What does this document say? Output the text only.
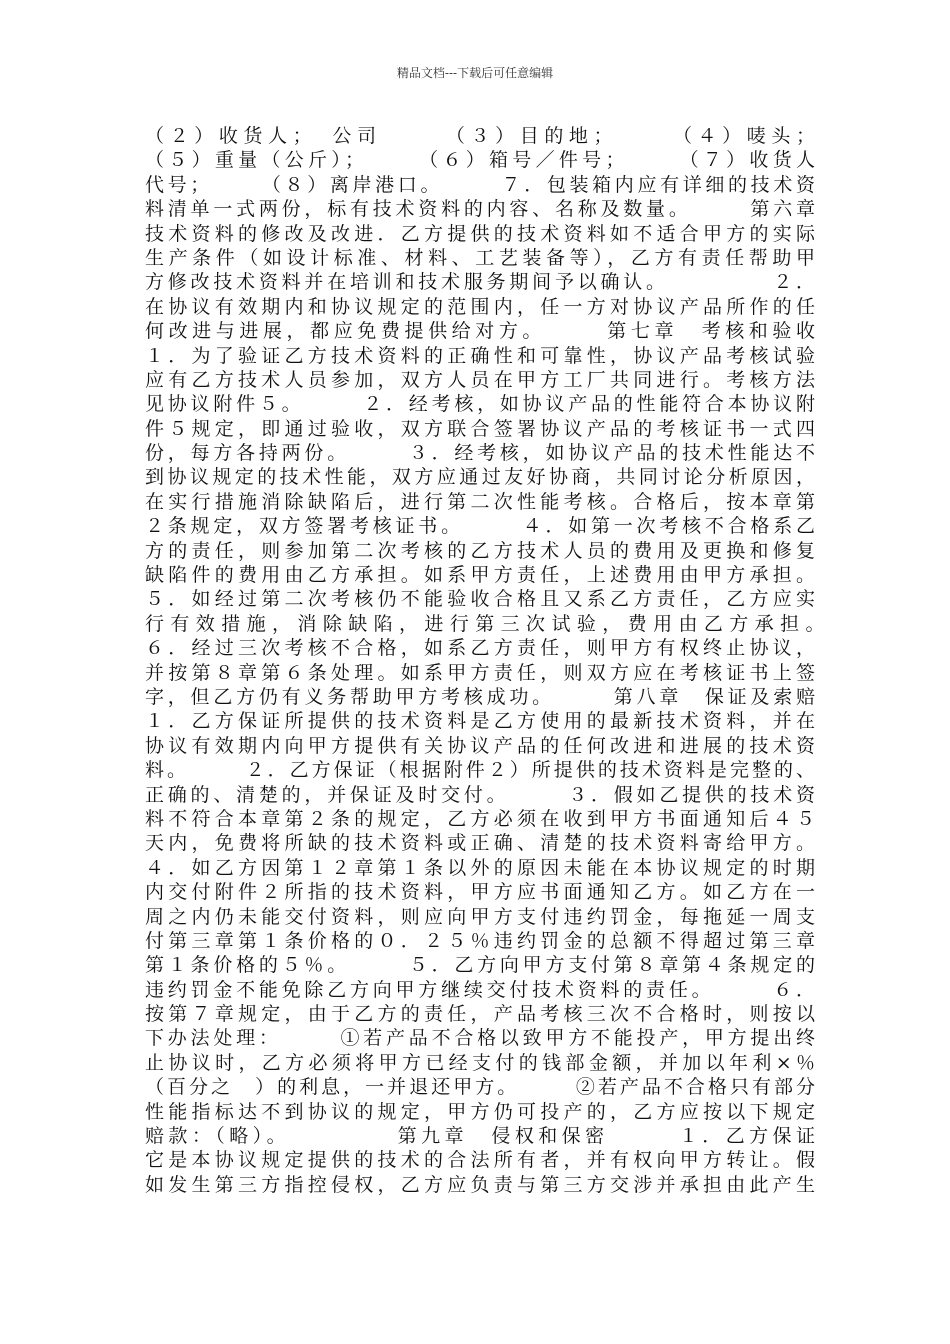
精品文档---下载后可任意编辑
（２）收货人；　公司　　　（３）目的地；　　　（４）唛头；
（５）重量（公斤）；　　　（６）箱号／件号；　　　（７）收货人
代号；　　　（８）离岸港口。　　　７．包装箱内应有详细的技术资
料清单一式两份，标有技术资料的内容、名称及数量。　　　第六章
技术资料的修改及改进．乙方提供的技术资料如不适合甲方的实际
生产条件（如设计标准、材料、工艺装备等），乙方有责任帮助甲
方修改技术资料并在培训和技术服务期间予以确认。　　　　　２．
在协议有效期内和协议规定的范围内，任一方对协议产品所作的任
何改进与进展，都应免费提供给对方。　　　第七章　考核和验收
１．为了验证乙方技术资料的正确性和可靠性，协议产品考核试验
应有乙方技术人员参加，双方人员在甲方工厂共同进行。考核方法
见协议附件５。　　　２．经考核，如协议产品的性能符合本协议附
件５规定，即通过验收，双方联合签署协议产品的考核证书一式四
份，每方各持两份。　　　３．经考核，如协议产品的技术性能达不
到协议规定的技术性能，双方应通过友好协商，共同讨论分析原因，
在实行措施消除缺陷后，进行第二次性能考核。合格后，按本章第
２条规定，双方签署考核证书。　　　４．如第一次考核不合格系乙
方的责任，则参加第二次考核的乙方技术人员的费用及更换和修复
缺陷件的费用由乙方承担。如系甲方责任，上述费用由甲方承担。
５．如经过第二次考核仍不能验收合格且又系乙方责任，乙方应实
行有效措施，消除缺陷，进行第三次试验，费用由乙方承担。　　
６．经过三次考核不合格，如系乙方责任，则甲方有权终止协议，
并按第８章第６条处理。如系甲方责任，则双方应在考核证书上签
字，但乙方仍有义务帮助甲方考核成功。　　　第八章　保证及索赔
１．乙方保证所提供的技术资料是乙方使用的最新技术资料，并在
协议有效期内向甲方提供有关协议产品的任何改进和进展的技术资
料。　　　２．乙方保证（根据附件２）所提供的技术资料是完整的、
正确的、清楚的，并保证及时交付。　　　３．假如乙提供的技术资
料不符合本章第２条的规定，乙方必须在收到甲方书面通知后４５
天内，免费将所缺的技术资料或正确、清楚的技术资料寄给甲方。
４．如乙方因第１２章第１条以外的原因未能在本协议规定的时期
内交付附件２所指的技术资料，甲方应书面通知乙方。如乙方在一
周之内仍未能交付资料，则应向甲方支付违约罚金，每拖延一周支
付第三章第１条价格的０．２５％违约罚金的总额不得超过第三章
第１条价格的５％。　　　５．乙方向甲方支付第８章第４条规定的
违约罚金不能免除乙方向甲方继续交付技术资料的责任。　　　６．
按第７章规定，由于乙方的责任，产品考核三次不合格时，则按以
下办法处理：　　　①若产品不合格以致甲方不能投产，甲方提出终
止协议时，乙方必须将甲方已经支付的钱部金额，并加以年利×％
（百分之　）的利息，一并退还甲方。　　　②若产品不合格只有部分
性能指标达不到协议的规定，甲方仍可投产的，乙方应按以下规定
赔款：（略）。　　　　　第九章　侵权和保密　　　１．乙方保证
它是本协议规定提供的技术的合法所有者，并有权向甲方转让。假
如发生第三方指控侵权，乙方应负责与第三方交涉并承担由此产生
